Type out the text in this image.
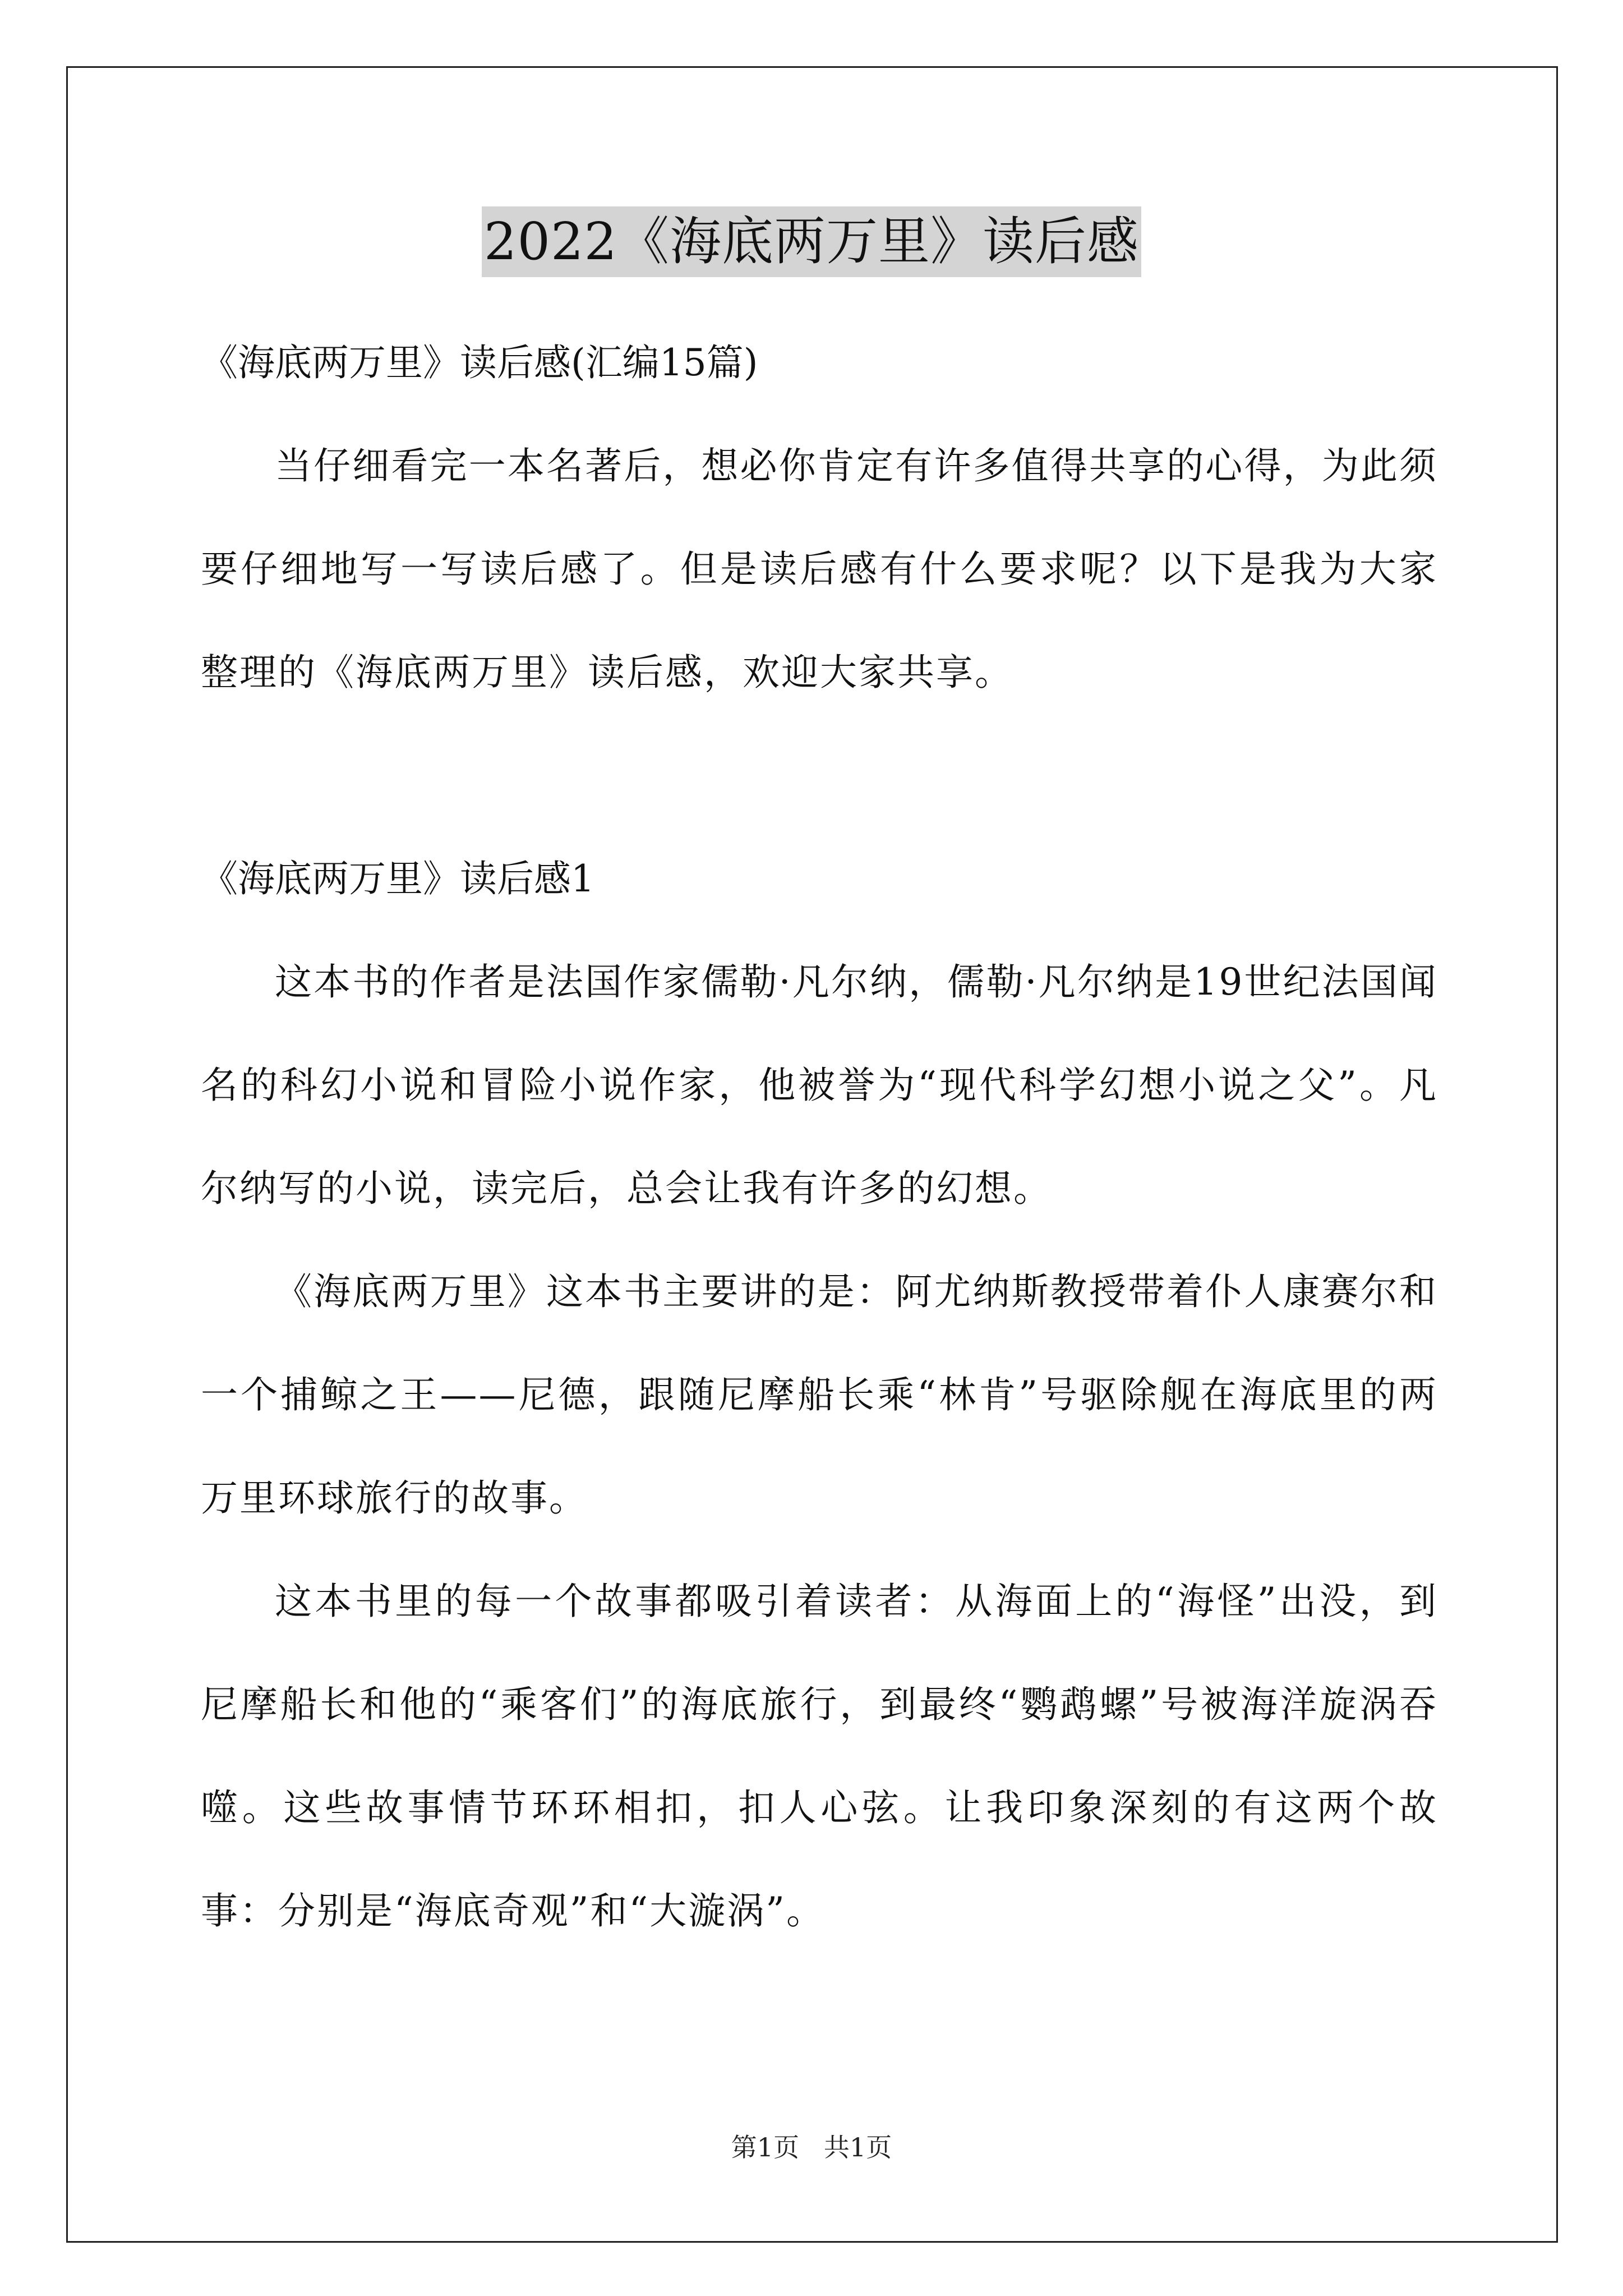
2022《海底两万里》读后感

《海底两万里》读后感(汇编15篇)

当仔细看完一本名著后，想必你肯定有许多值得共享的心得，为此须要仔细地写一写读后感了。但是读后感有什么要求呢？以下是我为大家整理的《海底两万里》读后感，欢迎大家共享。

《海底两万里》读后感1

这本书的作者是法国作家儒勒·凡尔纳，儒勒·凡尔纳是19世纪法国闻名的科幻小说和冒险小说作家，他被誉为“现代科学幻想小说之父”。凡尔纳写的小说，读完后，总会让我有许多的幻想。

《海底两万里》这本书主要讲的是：阿尤纳斯教授带着仆人康赛尔和一个捕鲸之王——尼德，跟随尼摩船长乘“林肯”号驱除舰在海底里的两万里环球旅行的故事。

这本书里的每一个故事都吸引着读者：从海面上的“海怪”出没，到尼摩船长和他的“乘客们”的海底旅行，到最终“鹦鹉螺”号被海洋旋涡吞噬。这些故事情节环环相扣，扣人心弦。让我印象深刻的有这两个故事：分别是“海底奇观”和“大漩涡”。

第1页   共1页
